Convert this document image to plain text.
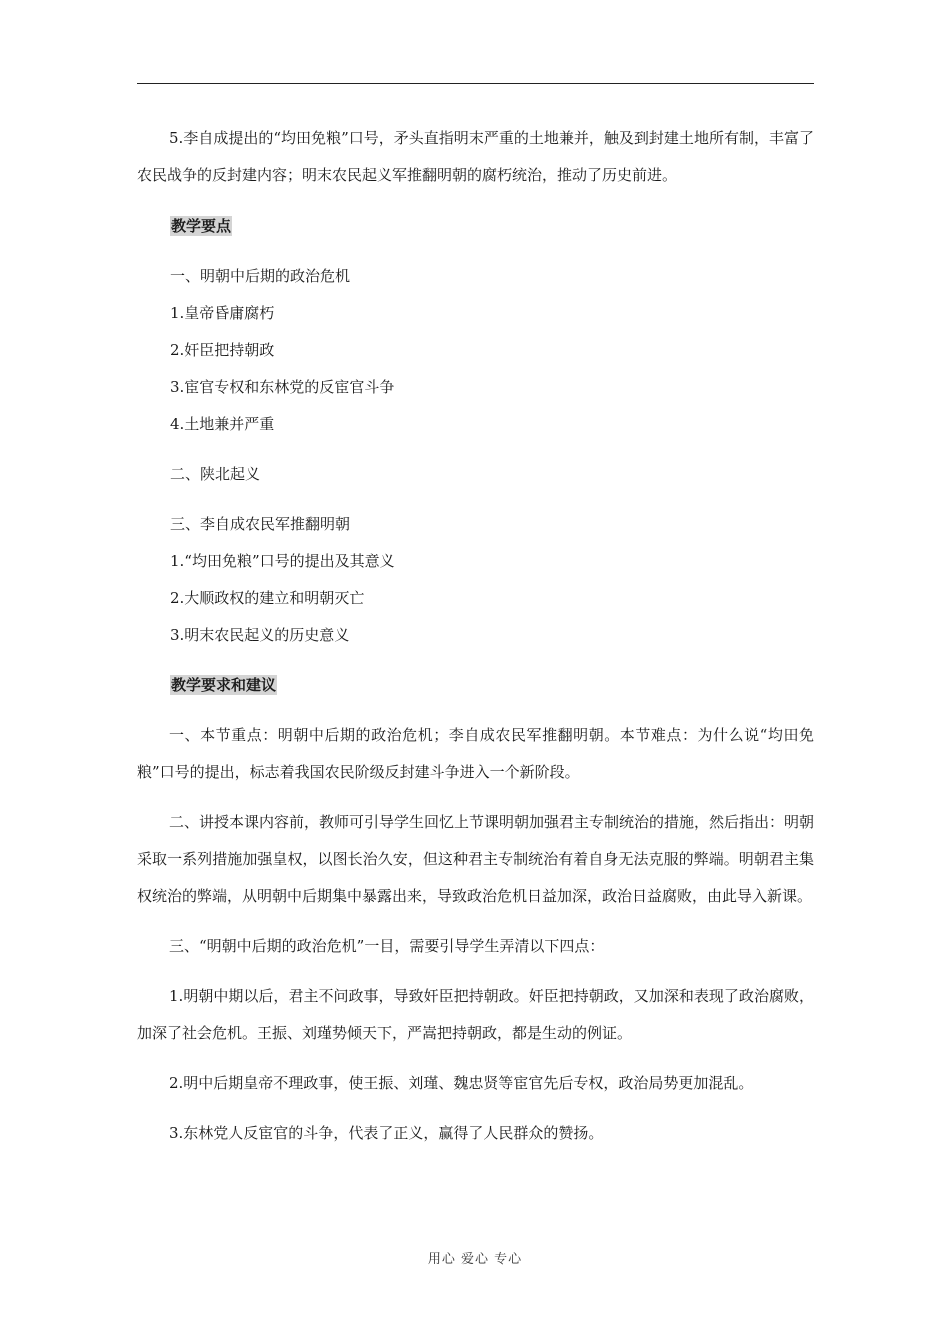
5.李自成提出的“均田免粮”口号，矛头直指明末严重的土地兼并，触及到封建土地所有制，丰富了农民战争的反封建内容；明末农民起义军推翻明朝的腐朽统治，推动了历史前进。

教学要点

一、明朝中后期的政治危机

1.皇帝昏庸腐朽

2.奸臣把持朝政

3.宦官专权和东林党的反宦官斗争

4.土地兼并严重

二、陕北起义

三、李自成农民军推翻明朝

1.“均田免粮”口号的提出及其意义

2.大顺政权的建立和明朝灭亡

3.明末农民起义的历史意义

教学要求和建议

一、本节重点：明朝中后期的政治危机；李自成农民军推翻明朝。本节难点：为什么说“均田免粮”口号的提出，标志着我国农民阶级反封建斗争进入一个新阶段。

二、讲授本课内容前，教师可引导学生回忆上节课明朝加强君主专制统治的措施，然后指出：明朝采取一系列措施加强皇权，以图长治久安，但这种君主专制统治有着自身无法克服的弊端。明朝君主集权统治的弊端，从明朝中后期集中暴露出来，导致政治危机日益加深，政治日益腐败，由此导入新课。

三、“明朝中后期的政治危机”一目，需要引导学生弄清以下四点：

1.明朝中期以后，君主不问政事，导致奸臣把持朝政。奸臣把持朝政，又加深和表现了政治腐败，加深了社会危机。王振、刘瑾势倾天下，严嵩把持朝政，都是生动的例证。

2.明中后期皇帝不理政事，使王振、刘瑾、魏忠贤等宦官先后专权，政治局势更加混乱。

3.东林党人反宦官的斗争，代表了正义，赢得了人民群众的赞扬。

用心 爱心 专心
